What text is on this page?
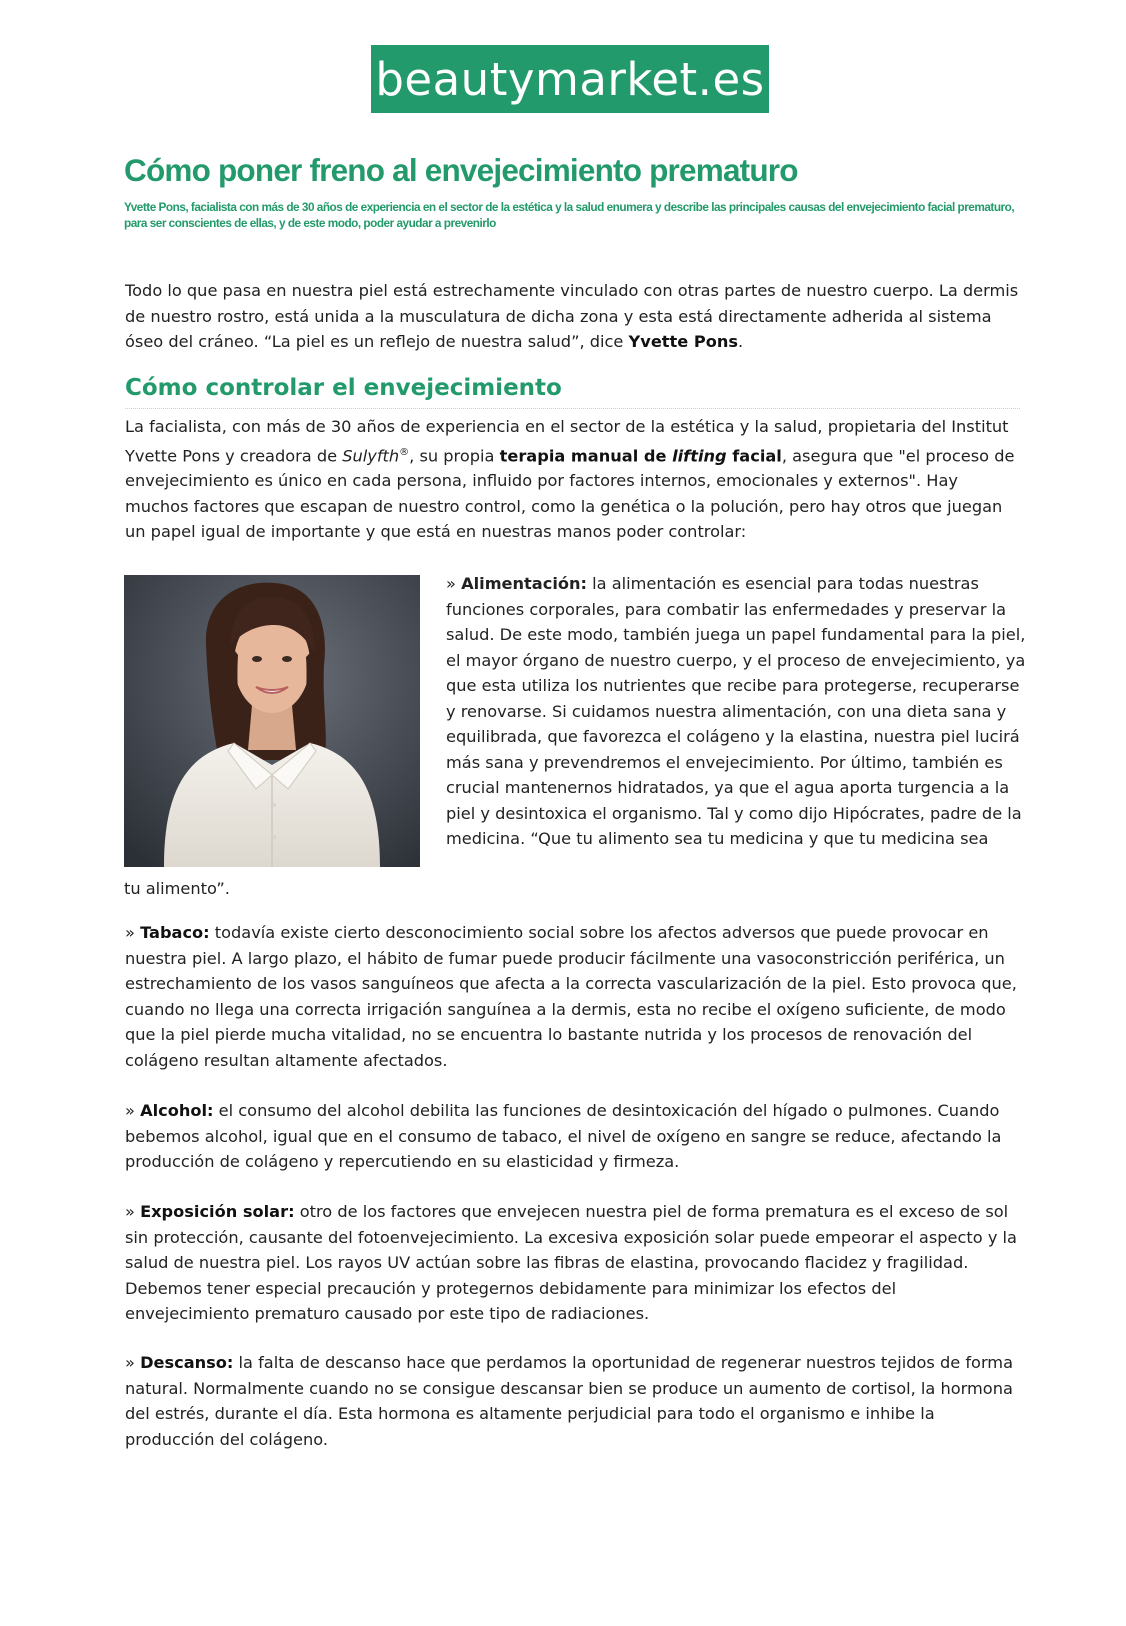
beautymarket.es
Cómo poner freno al envejecimiento prematuro

Yvette Pons, facialista con más de 30 años de experiencia en el sector de la estética y la salud enumera y describe las principales causas del envejecimiento facial prematuro, para ser conscientes de ellas, y de este modo, poder ayudar a prevenirlo

Todo lo que pasa en nuestra piel está estrechamente vinculado con otras partes de nuestro cuerpo. La dermis de nuestro rostro, está unida a la musculatura de dicha zona y esta está directamente adherida al sistema óseo del cráneo. “La piel es un reflejo de nuestra salud”, dice Yvette Pons.

Cómo controlar el envejecimiento

La facialista, con más de 30 años de experiencia en el sector de la estética y la salud, propietaria del Institut Yvette Pons y creadora de Sulyfth®, su propia terapia manual de lifting facial, asegura que "el proceso de envejecimiento es único en cada persona, influido por factores internos, emocionales y externos". Hay muchos factores que escapan de nuestro control, como la genética o la polución, pero hay otros que juegan un papel igual de importante y que está en nuestras manos poder controlar:

» Alimentación: la alimentación es esencial para todas nuestras funciones corporales, para combatir las enfermedades y preservar la salud. De este modo, también juega un papel fundamental para la piel, el mayor órgano de nuestro cuerpo, y el proceso de envejecimiento, ya que esta utiliza los nutrientes que recibe para protegerse, recuperarse y renovarse. Si cuidamos nuestra alimentación, con una dieta sana y equilibrada, que favorezca el colágeno y la elastina, nuestra piel lucirá más sana y prevendremos el envejecimiento. Por último, también es crucial mantenernos hidratados, ya que el agua aporta turgencia a la piel y desintoxica el organismo. Tal y como dijo Hipócrates, padre de la medicina. “Que tu alimento sea tu medicina y que tu medicina sea

tu alimento”.

» Tabaco: todavía existe cierto desconocimiento social sobre los afectos adversos que puede provocar en nuestra piel. A largo plazo, el hábito de fumar puede producir fácilmente una vasoconstricción periférica, un estrechamiento de los vasos sanguíneos que afecta a la correcta vascularización de la piel. Esto provoca que, cuando no llega una correcta irrigación sanguínea a la dermis, esta no recibe el oxígeno suficiente, de modo que la piel pierde mucha vitalidad, no se encuentra lo bastante nutrida y los procesos de renovación del colágeno resultan altamente afectados.

» Alcohol: el consumo del alcohol debilita las funciones de desintoxicación del hígado o pulmones. Cuando bebemos alcohol, igual que en el consumo de tabaco, el nivel de oxígeno en sangre se reduce, afectando la producción de colágeno y repercutiendo en su elasticidad y firmeza.

» Exposición solar: otro de los factores que envejecen nuestra piel de forma prematura es el exceso de sol sin protección, causante del fotoenvejecimiento. La excesiva exposición solar puede empeorar el aspecto y la salud de nuestra piel. Los rayos UV actúan sobre las fibras de elastina, provocando flacidez y fragilidad. Debemos tener especial precaución y protegernos debidamente para minimizar los efectos del envejecimiento prematuro causado por este tipo de radiaciones.

» Descanso: la falta de descanso hace que perdamos la oportunidad de regenerar nuestros tejidos de forma natural. Normalmente cuando no se consigue descansar bien se produce un aumento de cortisol, la hormona del estrés, durante el día. Esta hormona es altamente perjudicial para todo el organismo e inhibe la producción del colágeno.
